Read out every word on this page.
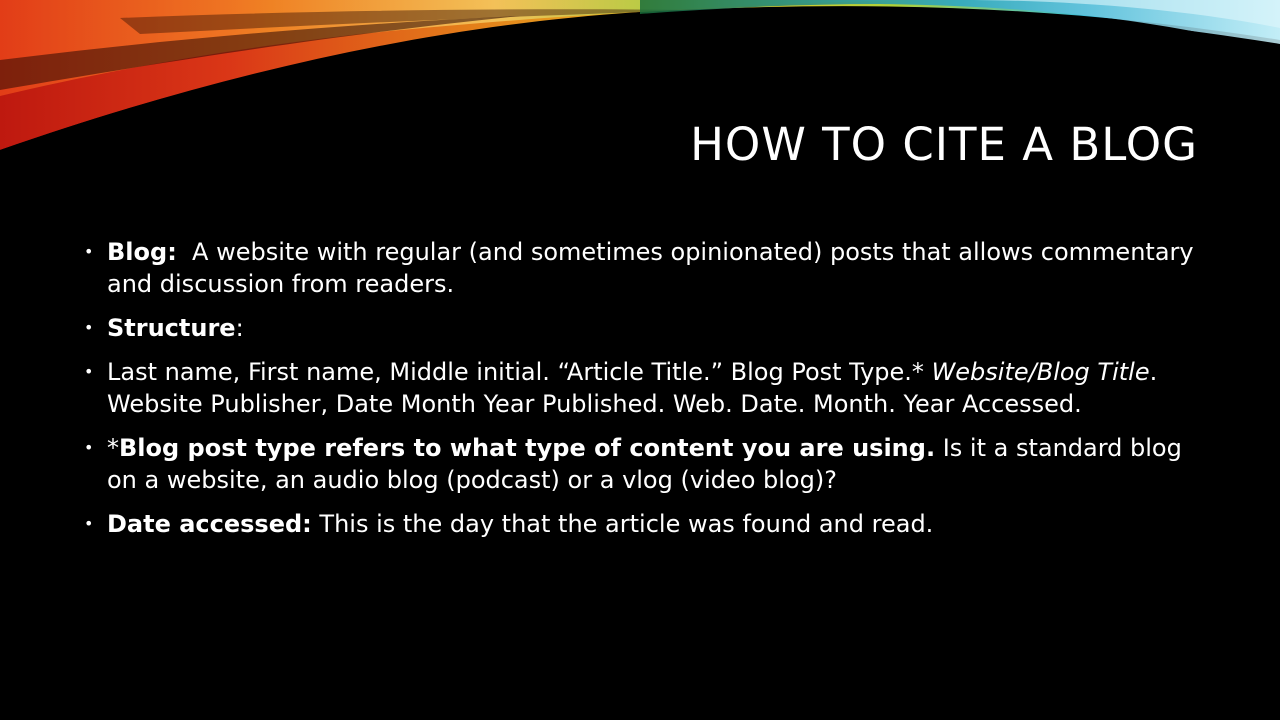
HOW TO CITE A BLOG
• Blog:  A website with regular (and sometimes opinionated) posts that allows commentary and discussion from readers.
• Structure:
• Last name, First name, Middle initial. “Article Title.” Blog Post Type.* Website/Blog Title. Website Publisher, Date Month Year Published. Web. Date. Month. Year Accessed.
• *Blog post type refers to what type of content you are using. Is it a standard blog on a website, an audio blog (podcast) or a vlog (video blog)?
• Date accessed: This is the day that the article was found and read.
